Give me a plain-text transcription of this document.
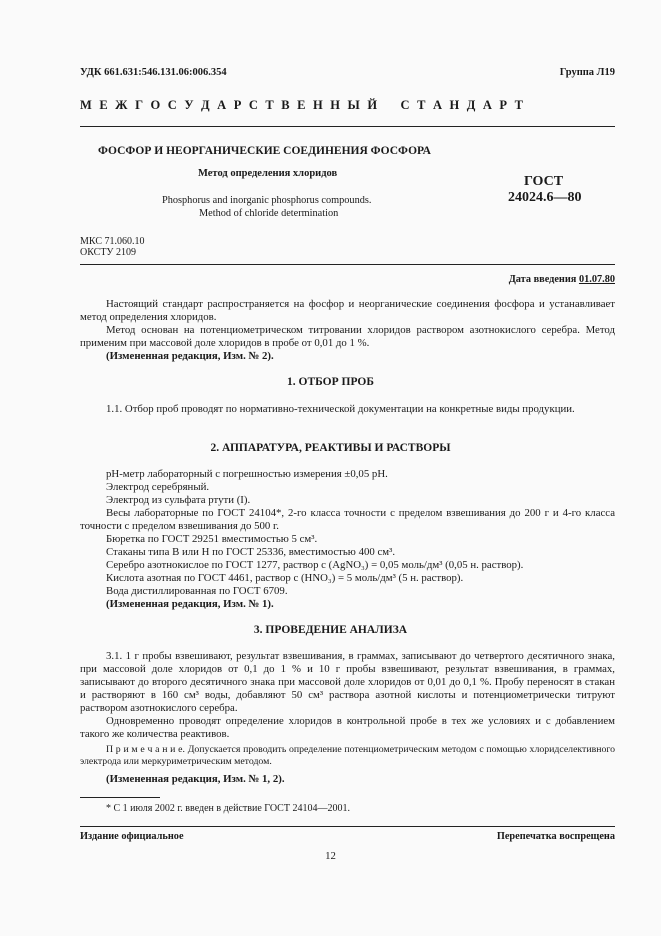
УДК 661.631:546.131.06:006.354	Группа Л19
М Е Ж Г О С У Д А Р С Т В Е Н Н Ы Й    С Т А Н Д А Р Т
ФОСФОР И НЕОРГАНИЧЕСКИЕ СОЕДИНЕНИЯ ФОСФОРА
Метод определения хлоридов
Phosphorus and inorganic phosphorus compounds.
Method of chloride determination
ГОСТ
24024.6—80
МКС 71.060.10
ОКСТУ 2109
Дата введения 01.07.80

Настоящий стандарт распространяется на фосфор и неорганические соединения фосфора и устанавливает метод определения хлоридов.

Метод основан на потенциометрическом титровании хлоридов раствором азотнокислого серебра. Метод применим при массовой доле хлоридов в пробе от 0,01 до 1 %.

(Измененная редакция, Изм. № 2).

1. ОТБОР ПРОБ

1.1. Отбор проб проводят по нормативно-технической документации на конкретные виды продукции.

2. АППАРАТУРА, РЕАКТИВЫ И РАСТВОРЫ
pH-метр лабораторный с погрешностью измерения ±0,05 pH.
Электрод серебряный.
Электрод из сульфата ртути (I).

Весы лабораторные по ГОСТ 24104*, 2-го класса точности с пределом взвешивания до 200 г и 4-го класса точности с пределом взвешивания до 500 г.

Бюретка по ГОСТ 29251 вместимостью 5 см³.
Стаканы типа В или Н по ГОСТ 25336, вместимостью 400 см³.
Серебро азотнокислое по ГОСТ 1277, раствор c (AgNO₃) = 0,05 моль/дм³ (0,05 н. раствор).
Кислота азотная по ГОСТ 4461, раствор c (HNO₃) = 5 моль/дм³ (5 н. раствор).
Вода дистиллированная по ГОСТ 6709.
(Измененная редакция, Изм. № 1).
3. ПРОВЕДЕНИЕ АНАЛИЗА

3.1. 1 г пробы взвешивают, результат взвешивания, в граммах, записывают до четвертого десятичного знака, при массовой доле хлоридов от 0,1 до 1 % и 10 г пробы взвешивают, результат взвешивания, в граммах, записывают до второго десятичного знака при массовой доле хлоридов от 0,01 до 0,1 %. Пробу переносят в стакан и растворяют в 160 см³ воды, добавляют 50 см³ раствора азотной кислоты и потенциометрически титруют раствором азотнокислого серебра.

Одновременно проводят определение хлоридов в контрольной пробе в тех же условиях и с добавлением такого же количества реактивов.

П р и м е ч а н и е. Допускается проводить определение потенциометрическим методом с помощью хлоридселективного электрода или меркуриметрическим методом.

(Измененная редакция, Изм. № 1, 2).
* С 1 июля 2002 г. введен в действие ГОСТ 24104—2001.
Издание официальное	Перепечатка воспрещена
12
